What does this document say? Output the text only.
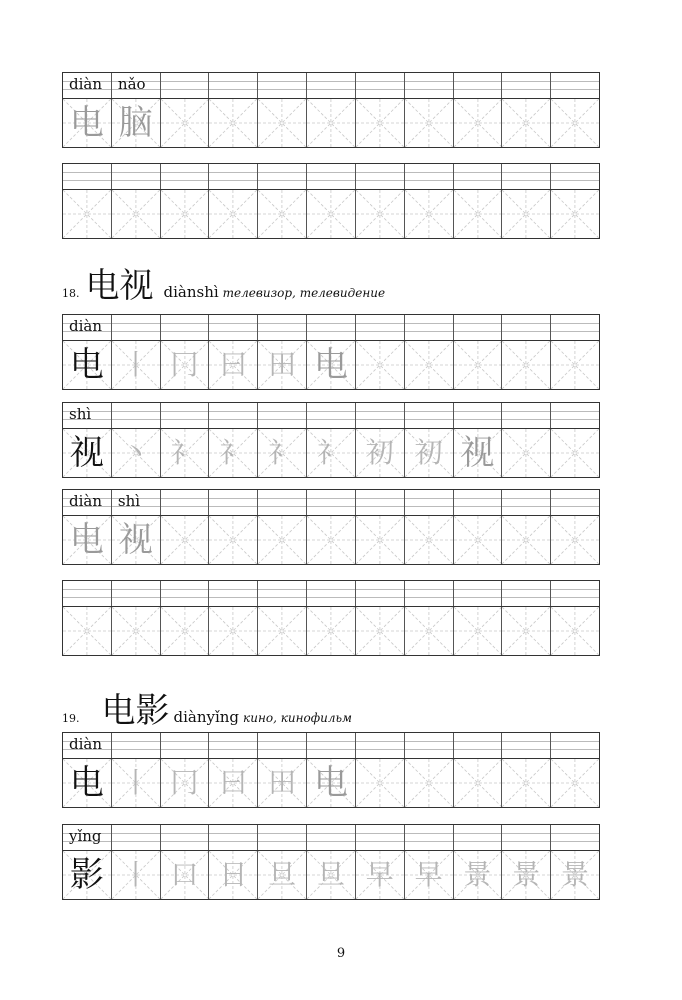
diàn nǎo
电 脑
diàn
电 丨 冂 曰 田 电
shì
视 丶 礻 礻 礻 礻 初 初 视
diàn shì
电 视
diàn
电 丨 冂 曰 田 电
yǐng
影 丨 口 日 旦 旦 早 早 景 景 景
18. 电视 diànshì телевизор, телевидение
19. 电影 diànyǐng кино, кинофильм
9
